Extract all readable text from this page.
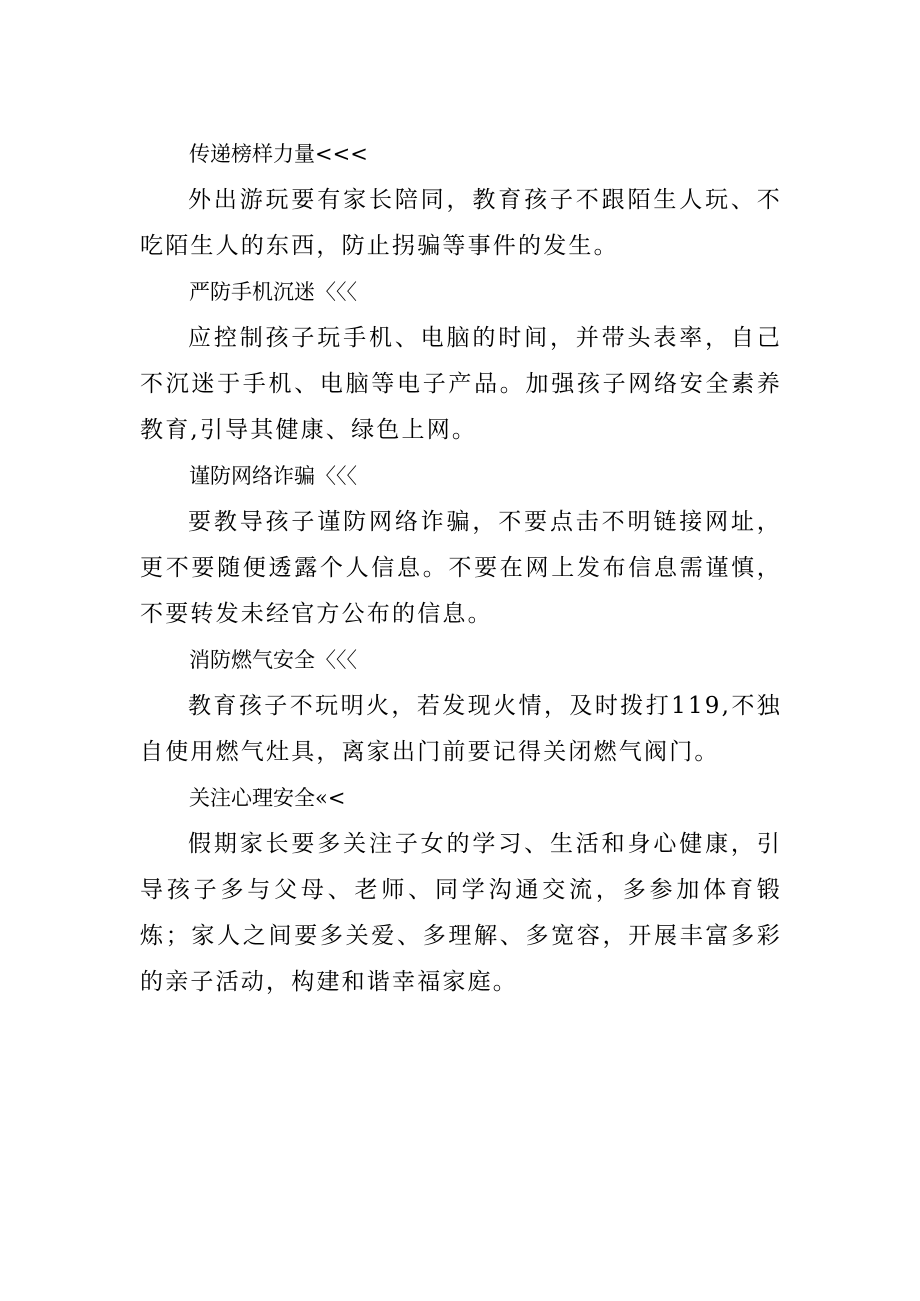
传递榜样力量<<<

外出游玩要有家长陪同，教育孩子不跟陌生人玩、不吃陌生人的东西，防止拐骗等事件的发生。

严防手机沉迷〈〈〈

应控制孩子玩手机、电脑的时间，并带头表率，自己不沉迷于手机、电脑等电子产品。加强孩子网络安全素养教育,引导其健康、绿色上网。

谨防网络诈骗〈〈〈

要教导孩子谨防网络诈骗，不要点击不明链接网址，更不要随便透露个人信息。不要在网上发布信息需谨慎，不要转发未经官方公布的信息。

消防燃气安全〈〈〈

教育孩子不玩明火，若发现火情，及时拨打119,不独自使用燃气灶具，离家出门前要记得关闭燃气阀门。

关注心理安全«<

假期家长要多关注子女的学习、生活和身心健康，引导孩子多与父母、老师、同学沟通交流，多参加体育锻炼；家人之间要多关爱、多理解、多宽容，开展丰富多彩的亲子活动，构建和谐幸福家庭。
